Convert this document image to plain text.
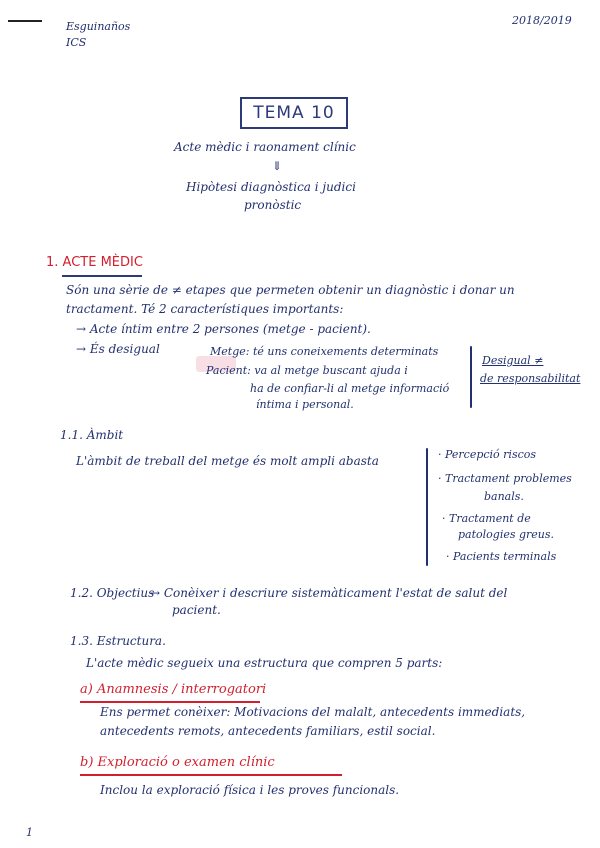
Esguinaños
ICS
2018/2019
TEMA 10
Acte mèdic i raonament clínic
⇓
Hipòtesi diagnòstica i judici
pronòstic
1. ACTE MÈDIC
Són una sèrie de ≠ etapes que permeten obtenir un diagnòstic i donar un
tractament. Té 2 característiques importants:
→ Acte íntim entre 2 persones (metge - pacient).
→ És desigual	Metge: té uns coneixements determinats
Pacient: va al metge buscant ajuda i
ha de confiar-li al metge informació
íntima i personal.
Desigual ≠
de responsabilitat
1.1. Àmbit
L'àmbit de treball del metge és molt ampli abasta	· Percepció riscos
· Tractament problemes
banals.
· Tractament de
patologies greus.
· Pacients terminals
1.2. Objectius
→ Conèixer i descriure sistemàticament l'estat de salut del
pacient.
1.3. Estructura.
L'acte mèdic segueix una estructura que compren 5 parts:
a) Anamnesis / interrogatori
Ens permet conèixer: Motivacions del malalt, antecedents immediats,
antecedents remots, antecedents familiars, estil social.
b) Exploració o examen clínic
Inclou la exploració física i les proves funcionals.
1
